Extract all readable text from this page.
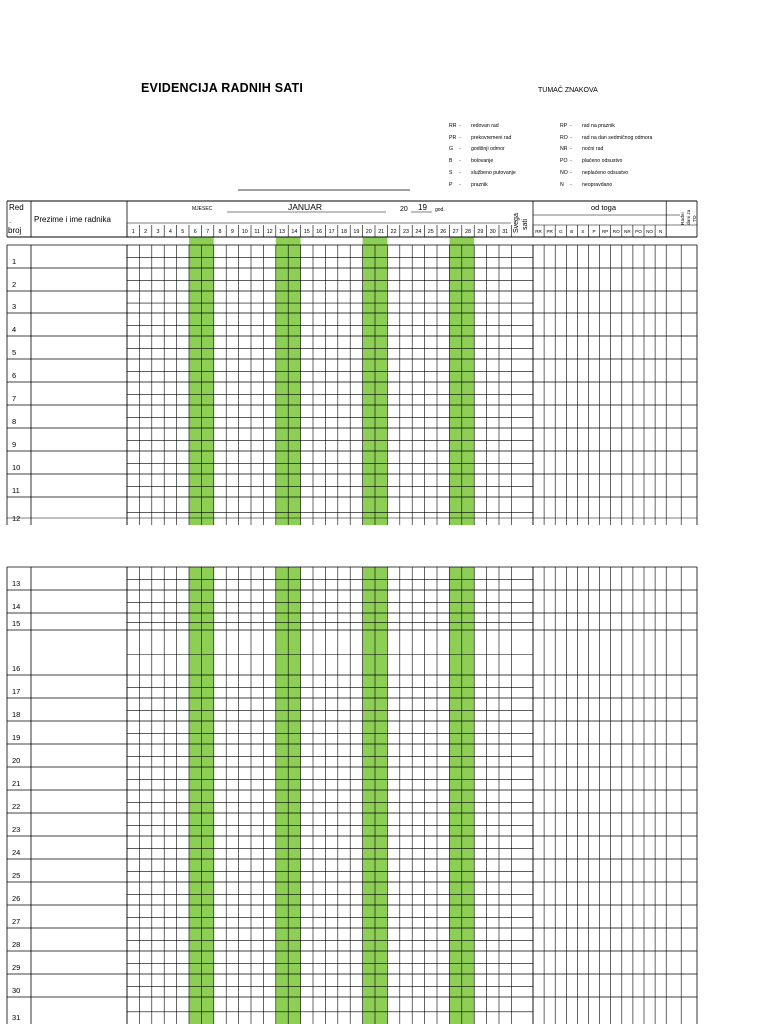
EVIDENCIJA RADNIH SATI	TUMAČ ZNAKOVA
RR- redovan rad
PR- prekovremeni rad
G- godišnji odmor
B- bolovanje
S- službeno putovanje
P- praznik
RP- rad na praznik
RO- rad na dan sedmičnog odmora
NR- noćni rad
PO- plaćeno odsustvo
NO- neplaćeno odsustvo
N- neopravdano
Red
.
broj
Prezime i ime radnika
MJESEC	JANUAR	20 19 god.
Svega sati
od toga
Radni dani za TO
1 2 3 4 5 6 7 8 9 10 11 12 13 14 15 16 17 18 19 20 21 22 23 24 25 26 27 28 29 30 31	RR PR G B S P RP RO NR PO NO N
1
2
3
4
5
6
7
8
9
10
11
12
13
14
15
16
17
18
19
20
21
22
23
24
25
26
27
28
29
30
31
